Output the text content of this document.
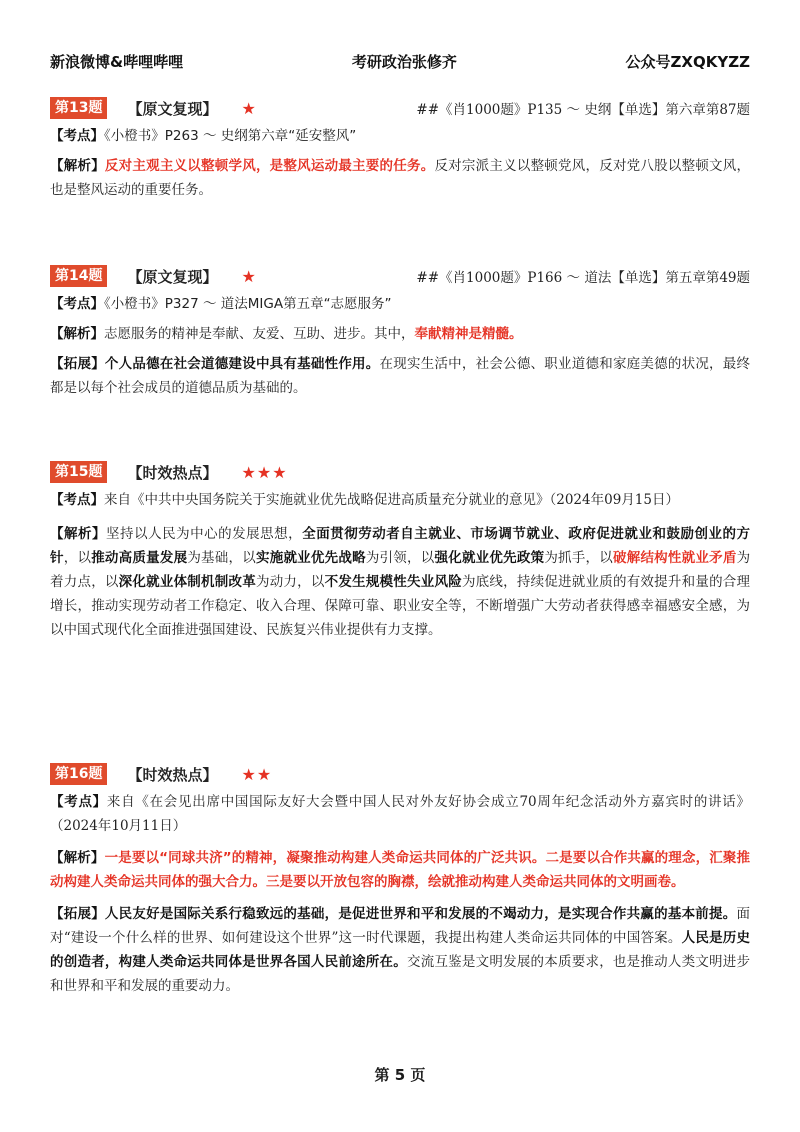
新浪微博&哔哩哔哩	考研政治张修齐	公众号ZXQKYZZ
第13题	【原文复现】 ★	##《肖1000题》P135 ～ 史纲【单选】第六章第87题
【考点】《小橙书》P263 ～ 史纲第六章“延安整风”
【解析】反对主观主义以整顿学风，是整风运动最主要的任务。反对宗派主义以整顿党风，反对党八股以整顿文风，也是整风运动的重要任务。
第14题	【原文复现】 ★	##《肖1000题》P166 ～ 道法【单选】第五章第49题
【考点】《小橙书》P327 ～ 道法MIGA第五章“志愿服务”
【解析】志愿服务的精神是奉献、友爱、互助、进步。其中，奉献精神是精髓。
【拓展】个人品德在社会道德建设中具有基础性作用。在现实生活中，社会公德、职业道德和家庭美德的状况，最终都是以每个社会成员的道德品质为基础的。
第15题	【时效热点】 ★★★
【考点】来自《中共中央国务院关于实施就业优先战略促进高质量充分就业的意见》（2024年09月15日）
【解析】坚持以人民为中心的发展思想，全面贯彻劳动者自主就业、市场调节就业、政府促进就业和鼓励创业的方针，以推动高质量发展为基础，以实施就业优先战略为引领，以强化就业优先政策为抓手，以破解结构性就业矛盾为着力点，以深化就业体制机制改革为动力，以不发生规模性失业风险为底线，持续促进就业质的有效提升和量的合理增长，推动实现劳动者工作稳定、收入合理、保障可靠、职业安全等，不断增强广大劳动者获得感幸福感安全感，为以中国式现代化全面推进强国建设、民族复兴伟业提供有力支撑。
第16题	【时效热点】 ★★
【考点】来自《在会见出席中国国际友好大会暨中国人民对外友好协会成立70周年纪念活动外方嘉宾时的讲话》（2024年10月11日）
【解析】一是要以“同球共济”的精神，凝聚推动构建人类命运共同体的广泛共识。二是要以合作共赢的理念，汇聚推动构建人类命运共同体的强大合力。三是要以开放包容的胸襟，绘就推动构建人类命运共同体的文明画卷。
【拓展】人民友好是国际关系行稳致远的基础，是促进世界和平和发展的不竭动力，是实现合作共赢的基本前提。面对“建设一个什么样的世界、如何建设这个世界”这一时代课题，我提出构建人类命运共同体的中国答案。人民是历史的创造者，构建人类命运共同体是世界各国人民前途所在。交流互鉴是文明发展的本质要求，也是推动人类文明进步和世界和平和发展的重要动力。
第 5 页
